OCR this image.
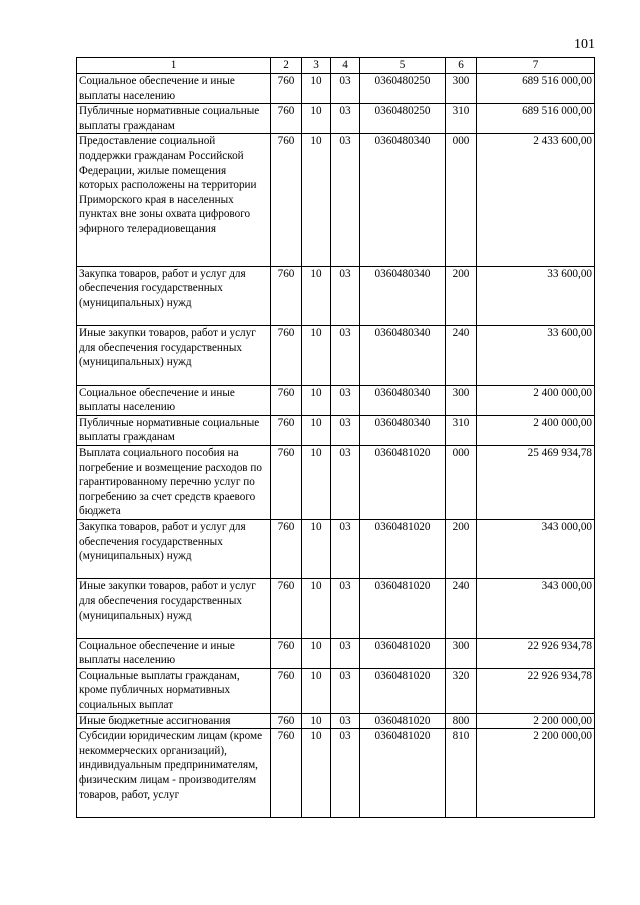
101
1	2	3	4	5	6	7
Социальное обеспечение и иные выплаты населению	760	10	03	0360480250	300	689 516 000,00
Публичные нормативные социальные выплаты гражданам	760	10	03	0360480250	310	689 516 000,00
Предоставление социальной поддержки гражданам Российской Федерации, жилые помещения которых расположены на территории Приморского края в населенных пунктах вне зоны охвата цифрового эфирного телерадиовещания	760	10	03	0360480340	000	2 433 600,00
Закупка товаров, работ и услуг для обеспечения государственных (муниципальных) нужд	760	10	03	0360480340	200	33 600,00
Иные закупки товаров, работ и услуг для обеспечения государственных (муниципальных) нужд	760	10	03	0360480340	240	33 600,00
Социальное обеспечение и иные выплаты населению	760	10	03	0360480340	300	2 400 000,00
Публичные нормативные социальные выплаты гражданам	760	10	03	0360480340	310	2 400 000,00
Выплата социального пособия на погребение и возмещение расходов по гарантированному перечню услуг по погребению за счет средств краевого бюджета	760	10	03	0360481020	000	25 469 934,78
Закупка товаров, работ и услуг для обеспечения государственных (муниципальных) нужд	760	10	03	0360481020	200	343 000,00
Иные закупки товаров, работ и услуг для обеспечения государственных (муниципальных) нужд	760	10	03	0360481020	240	343 000,00
Социальное обеспечение и иные выплаты населению	760	10	03	0360481020	300	22 926 934,78
Социальные выплаты гражданам, кроме публичных нормативных социальных выплат	760	10	03	0360481020	320	22 926 934,78
Иные бюджетные ассигнования	760	10	03	0360481020	800	2 200 000,00
Субсидии юридическим лицам (кроме некоммерческих организаций), индивидуальным предпринимателям, физическим лицам - производителям товаров, работ, услуг	760	10	03	0360481020	810	2 200 000,00
